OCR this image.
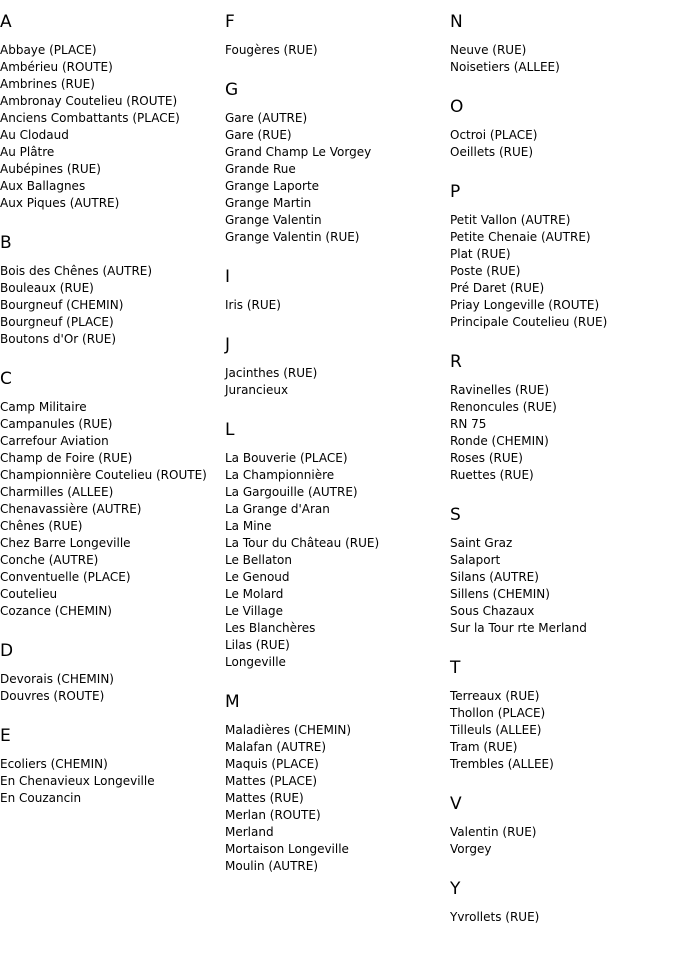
A
Abbaye (PLACE)
Ambérieu (ROUTE)
Ambrines (RUE)
Ambronay Coutelieu (ROUTE)
Anciens Combattants (PLACE)
Au Clodaud
Au Plâtre
Aubépines (RUE)
Aux Ballagnes
Aux Piques (AUTRE)
B
Bois des Chênes (AUTRE)
Bouleaux (RUE)
Bourgneuf (CHEMIN)
Bourgneuf (PLACE)
Boutons d'Or (RUE)
C
Camp Militaire
Campanules (RUE)
Carrefour Aviation
Champ de Foire (RUE)
Championnière Coutelieu (ROUTE)
Charmilles (ALLEE)
Chenavassière (AUTRE)
Chênes (RUE)
Chez Barre Longeville
Conche (AUTRE)
Conventuelle (PLACE)
Coutelieu
Cozance (CHEMIN)
D
Devorais (CHEMIN)
Douvres (ROUTE)
E
Ecoliers (CHEMIN)
En Chenavieux Longeville
En Couzancin
F
Fougères (RUE)
G
Gare (AUTRE)
Gare (RUE)
Grand Champ Le Vorgey
Grande Rue
Grange Laporte
Grange Martin
Grange Valentin
Grange Valentin (RUE)
I
Iris (RUE)
J
Jacinthes (RUE)
Jurancieux
L
La Bouverie (PLACE)
La Championnière
La Gargouille (AUTRE)
La Grange d'Aran
La Mine
La Tour du Château (RUE)
Le Bellaton
Le Genoud
Le Molard
Le Village
Les Blanchères
Lilas (RUE)
Longeville
M
Maladières (CHEMIN)
Malafan (AUTRE)
Maquis (PLACE)
Mattes (PLACE)
Mattes (RUE)
Merlan (ROUTE)
Merland
Mortaison Longeville
Moulin (AUTRE)
N
Neuve (RUE)
Noisetiers (ALLEE)
O
Octroi (PLACE)
Oeillets (RUE)
P
Petit Vallon (AUTRE)
Petite Chenaie (AUTRE)
Plat (RUE)
Poste (RUE)
Pré Daret (RUE)
Priay Longeville (ROUTE)
Principale Coutelieu (RUE)
R
Ravinelles (RUE)
Renoncules (RUE)
RN 75
Ronde (CHEMIN)
Roses (RUE)
Ruettes (RUE)
S
Saint Graz
Salaport
Silans (AUTRE)
Sillens (CHEMIN)
Sous Chazaux
Sur la Tour rte Merland
T
Terreaux (RUE)
Thollon (PLACE)
Tilleuls (ALLEE)
Tram (RUE)
Trembles (ALLEE)
V
Valentin (RUE)
Vorgey
Y
Yvrollets (RUE)
